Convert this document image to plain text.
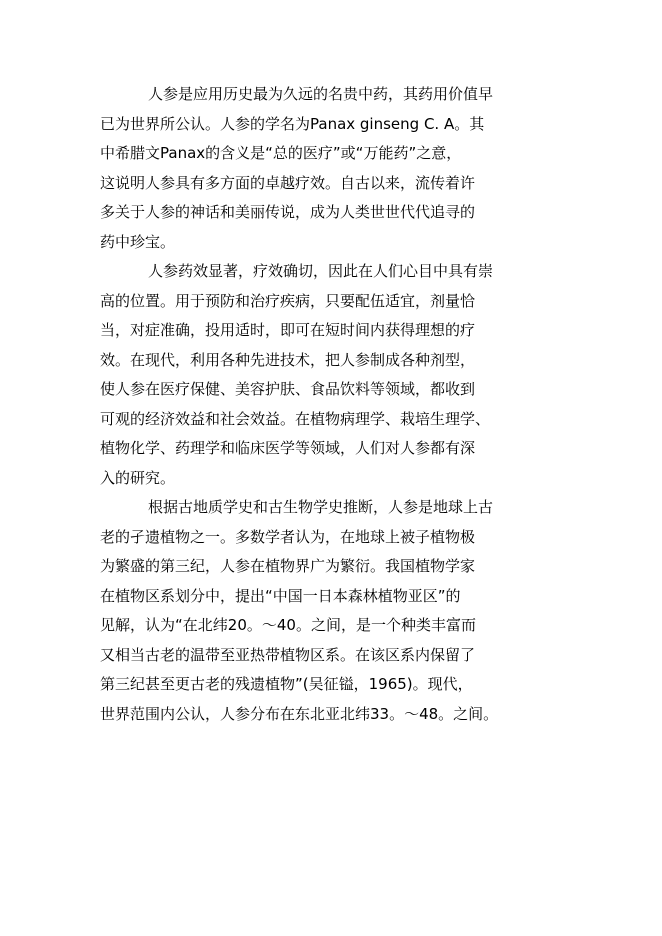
人参是应用历史最为久远的名贵中药，其药用价值早
已为世界所公认。人参的学名为Panax ginseng C. A。其
中希腊文Panax的含义是“总的医疗”或“万能药”之意，
这说明人参具有多方面的卓越疗效。自古以来，流传着许
多关于人参的神话和美丽传说，成为人类世世代代追寻的
药中珍宝。
人参药效显著，疗效确切，因此在人们心目中具有崇
高的位置。用于预防和治疗疾病，只要配伍适宜，剂量恰
当，对症准确，投用适时，即可在短时间内获得理想的疗
效。在现代，利用各种先进技术，把人参制成各种剂型，
使人参在医疗保健、美容护肤、食品饮料等领域，都收到
可观的经济效益和社会效益。在植物病理学、栽培生理学、
植物化学、药理学和临床医学等领域，人们对人参都有深
入的研究。
根据古地质学史和古生物学史推断，人参是地球上古
老的孑遗植物之一。多数学者认为，在地球上被子植物极
为繁盛的第三纪，人参在植物界广为繁衍。我国植物学家
在植物区系划分中，提出“中国一日本森林植物亚区”的
见解，认为“在北纬20。～40。之间，是一个种类丰富而
又相当古老的温带至亚热带植物区系。在该区系内保留了
第三纪甚至更古老的残遗植物”(吴征镒，1965)。现代，
世界范围内公认，人参分布在东北亚北纬33。～48。之间。
